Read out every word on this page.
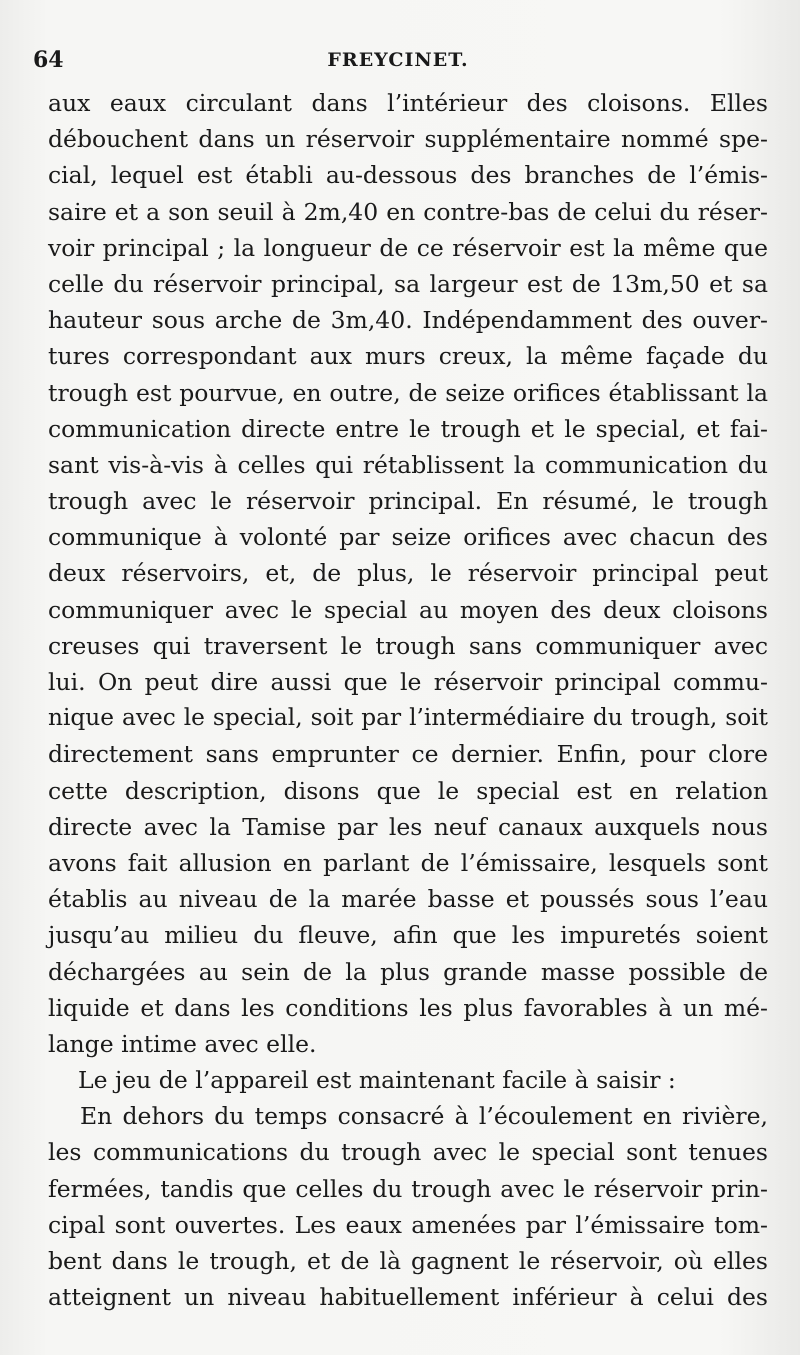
64	FREYCINET.
aux eaux circulant dans l’intérieur des cloisons. Elles
débouchent dans un réservoir supplémentaire nommé spe-
cial, lequel est établi au-dessous des branches de l’émis-
saire et a son seuil à 2m,40 en contre-bas de celui du réser-
voir principal ; la longueur de ce réservoir est la même que
celle du réservoir principal, sa largeur est de 13m,50 et sa
hauteur sous arche de 3m,40. Indépendamment des ouver-
tures correspondant aux murs creux, la même façade du
trough est pourvue, en outre, de seize orifices établissant la
communication directe entre le trough et le special, et fai-
sant vis-à-vis à celles qui rétablissent la communication du
trough avec le réservoir principal. En résumé, le trough
communique à volonté par seize orifices avec chacun des
deux réservoirs, et, de plus, le réservoir principal peut
communiquer avec le special au moyen des deux cloisons
creuses qui traversent le trough sans communiquer avec
lui. On peut dire aussi que le réservoir principal commu-
nique avec le special, soit par l’intermédiaire du trough, soit
directement sans emprunter ce dernier. Enfin, pour clore
cette description, disons que le special est en relation
directe avec la Tamise par les neuf canaux auxquels nous
avons fait allusion en parlant de l’émissaire, lesquels sont
établis au niveau de la marée basse et poussés sous l’eau
jusqu’au milieu du fleuve, afin que les impuretés soient
déchargées au sein de la plus grande masse possible de
liquide et dans les conditions les plus favorables à un mé-
lange intime avec elle.
Le jeu de l’appareil est maintenant facile à saisir :
En dehors du temps consacré à l’écoulement en rivière,
les communications du trough avec le special sont tenues
fermées, tandis que celles du trough avec le réservoir prin-
cipal sont ouvertes. Les eaux amenées par l’émissaire tom-
bent dans le trough, et de là gagnent le réservoir, où elles
atteignent un niveau habituellement inférieur à celui des
